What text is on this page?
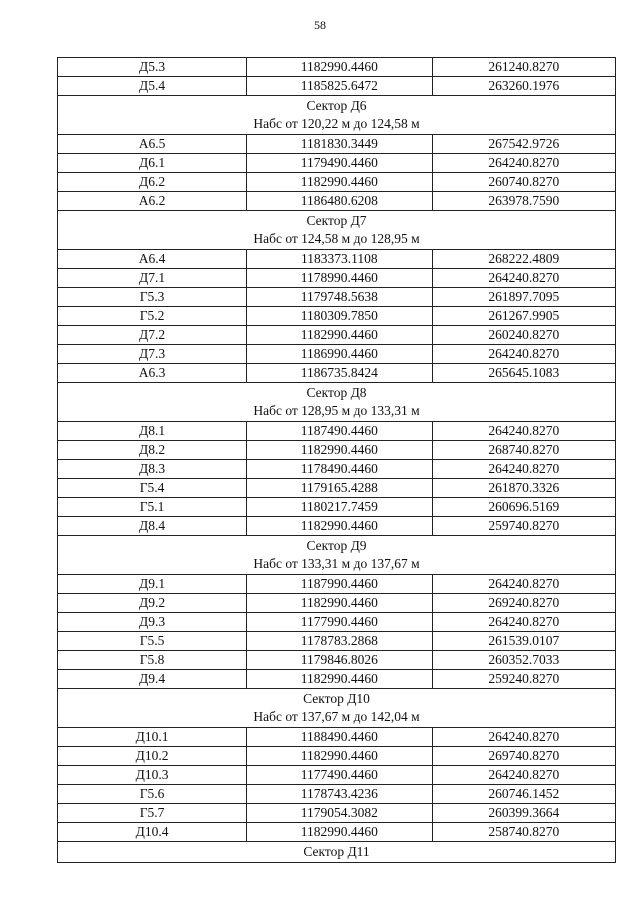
58
Д5.3	1182990.4460	261240.8270
Д5.4	1185825.6472	263260.1976

Сектор Д6
Набс от 120,22 м до 124,58 м		

А6.5	1181830.3449	267542.9726
Д6.1	1179490.4460	264240.8270
Д6.2	1182990.4460	260740.8270
А6.2	1186480.6208	263978.7590

Сектор Д7
Набс от 124,58 м до 128,95 м		

А6.4	1183373.1108	268222.4809
Д7.1	1178990.4460	264240.8270
Г5.3	1179748.5638	261897.7095
Г5.2	1180309.7850	261267.9905
Д7.2	1182990.4460	260240.8270
Д7.3	1186990.4460	264240.8270
А6.3	1186735.8424	265645.1083

Сектор Д8
Набс от 128,95 м до 133,31 м		

Д8.1	1187490.4460	264240.8270
Д8.2	1182990.4460	268740.8270
Д8.3	1178490.4460	264240.8270
Г5.4	1179165.4288	261870.3326
Г5.1	1180217.7459	260696.5169
Д8.4	1182990.4460	259740.8270

Сектор Д9
Набс от 133,31 м до 137,67 м		

Д9.1	1187990.4460	264240.8270
Д9.2	1182990.4460	269240.8270
Д9.3	1177990.4460	264240.8270
Г5.5	1178783.2868	261539.0107
Г5.8	1179846.8026	260352.7033
Д9.4	1182990.4460	259240.8270

Сектор Д10
Набс от 137,67 м до 142,04 м		

Д10.1	1188490.4460	264240.8270
Д10.2	1182990.4460	269740.8270
Д10.3	1177490.4460	264240.8270
Г5.6	1178743.4236	260746.1452
Г5.7	1179054.3082	260399.3664
Д10.4	1182990.4460	258740.8270

Сектор Д11		
